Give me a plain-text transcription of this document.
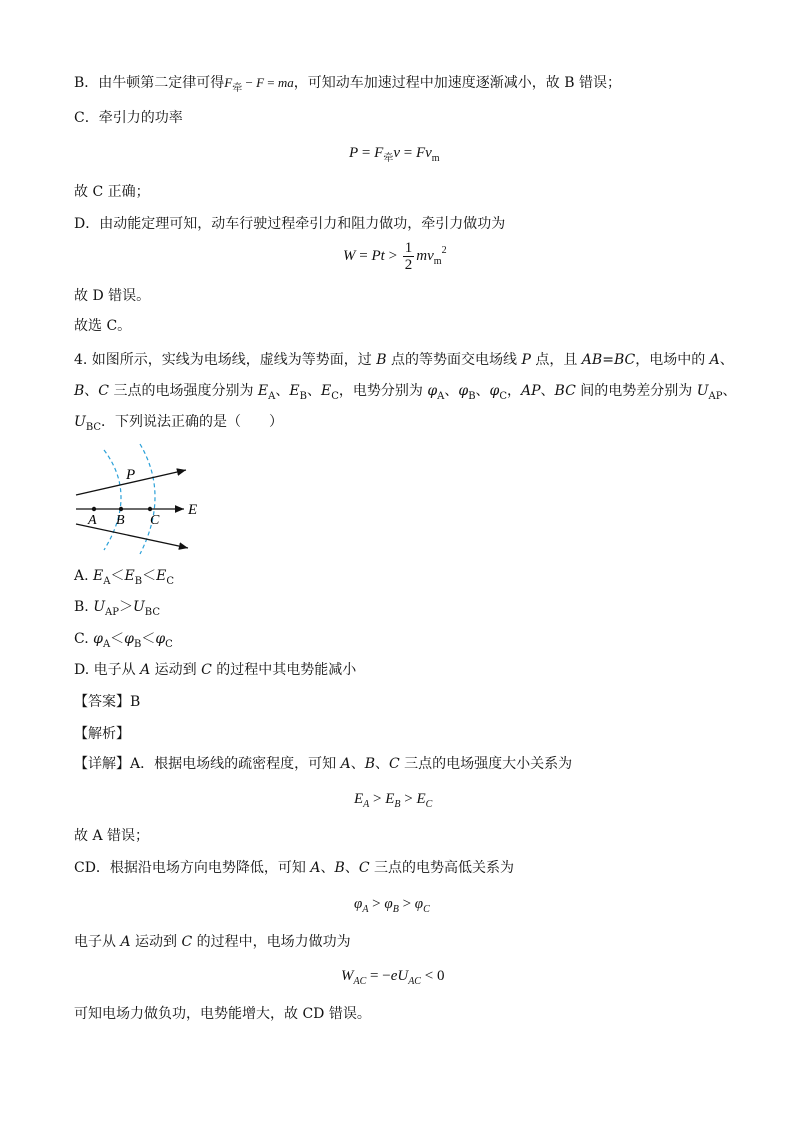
B．由牛顿第二定律可得$F_牵 - F$ = ma，可知动车加速过程中加速度逐渐减小，故 B 错误；
C．牵引力的功率
$P = F_牵v = Fv_m$
故 C 正确；
D．由动能定理可知，动车行驶过程牵引力和阻力做功，牵引力做功为
$W = Pt > \frac{1}{2} mv_m^2$
故 D 错误。
故选 C。
4. 如图所示，实线为电场线，虚线为等势面，过 B 点的等势面交电场线 P 点，且 AB=BC，电场中的 A、
B、C 三点的电场强度分别为 $E_A$、$E_B$、$E_C$，电势分别为 $\varphi_A$、$\varphi_B$、$\varphi_C$，AP、BC 间的电势差分别为 $U_{AP}$、
$U_{BC}$．下列说法正确的是（　　）
P
A B C
E
A. $E_A<E_B<E_C$
B. $U_{AP}>U_{BC}$
C. $\varphi_A<\varphi_B<\varphi_C$
D. 电子从 A 运动到 C 的过程中其电势能减小
【答案】B
【解析】
【详解】A．根据电场线的疏密程度，可知 A、B、C 三点的电场强度大小关系为
$E_A > E_B > E_C$
故 A 错误；
CD．根据沿电场方向电势降低，可知 A、B、C 三点的电势高低关系为
$\varphi_A > \varphi_B > \varphi_C$
电子从 A 运动到 C 的过程中，电场力做功为
$W_{AC} = -eU_{AC} < 0$
可知电场力做负功，电势能增大，故 CD 错误。
